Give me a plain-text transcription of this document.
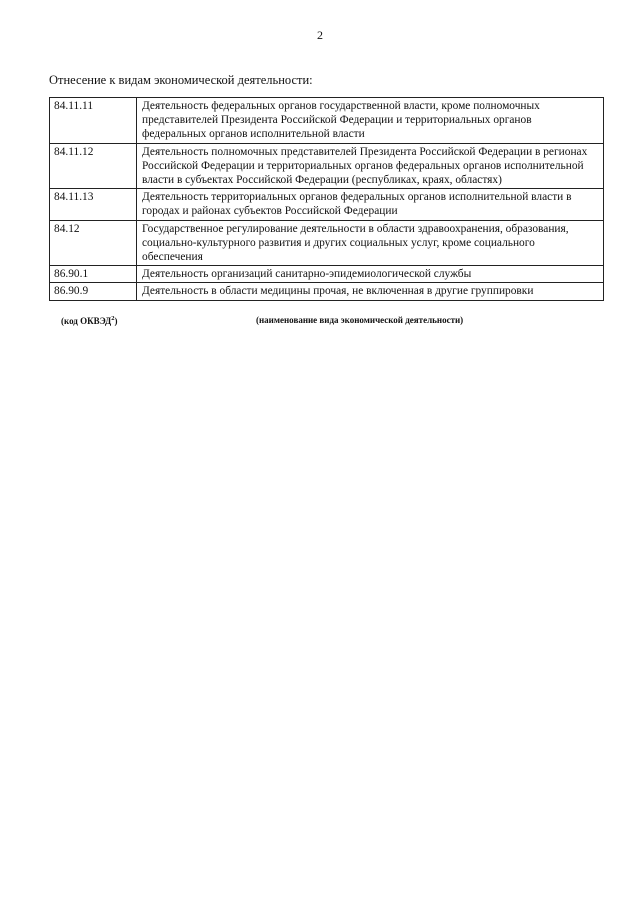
2
Отнесение к видам экономической деятельности:
84.11.11	Деятельность федеральных органов государственной власти, кроме полномочных представителей Президента Российской Федерации и территориальных органов федеральных органов исполнительной власти
84.11.12	Деятельность полномочных представителей Президента Российской Федерации в регионах Российской Федерации и территориальных органов федеральных органов исполнительной власти в субъектах Российской Федерации (республиках, краях, областях)
84.11.13	Деятельность территориальных органов федеральных органов исполнительной власти в городах и районах субъектов Российской Федерации
84.12	Государственное регулирование деятельности в области здравоохранения, образования, социально-культурного развития и других социальных услуг, кроме социального обеспечения
86.90.1	Деятельность организаций санитарно-эпидемиологической службы
86.90.9	Деятельность в области медицины прочая, не включенная в другие группировки
(код ОКВЭД$^2$)	(наименование вида экономической деятельности)
